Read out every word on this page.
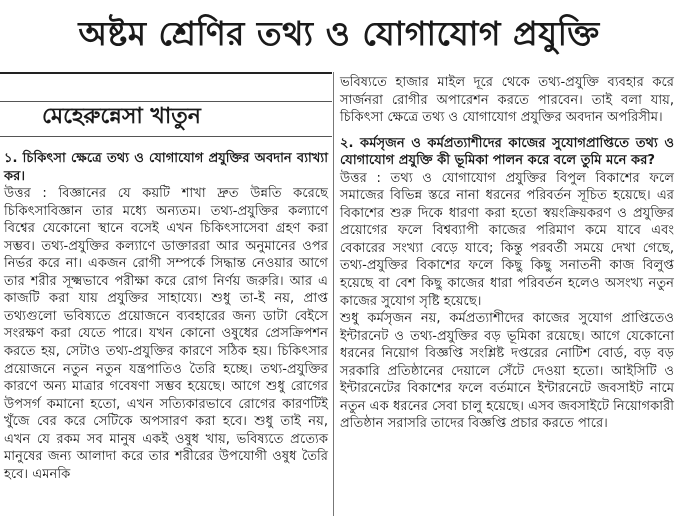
অষ্টম শ্রেণির তথ্য ও যোগাযোগ প্রযুক্তি
মেহেরুন্নেসা খাতুন

১. চিকিৎসা ক্ষেত্রে তথ্য ও যোগাযোগ প্রযুক্তির অবদান ব্যাখ্যা কর।

উত্তর : বিজ্ঞানের যে কয়টি শাখা দ্রুত উন্নতি করেছে চিকিৎসাবিজ্ঞান তার মধ্যে অন্যতম। তথ্য-প্রযুক্তির কল্যাণে বিশ্বের যেকোনো স্থানে বসেই এখন চিকিৎসাসেবা গ্রহণ করা সম্ভব। তথ্য-প্রযুক্তির কল্যাণে ডাক্তাররা আর অনুমানের ওপর নির্ভর করে না। একজন রোগী সম্পর্কে সিদ্ধান্ত নেওয়ার আগে তার শরীর সূক্ষ্মভাবে পরীক্ষা করে রোগ নির্ণয় জরুরি। আর এ কাজটি করা যায় প্রযুক্তির সাহায্যে। শুধু তা-ই নয়, প্রাপ্ত তথ্যগুলো ভবিষ্যতে প্রয়োজনে ব্যবহারের জন্য ডাটা বেইসে সংরক্ষণ করা যেতে পারে। যখন কোনো ওষুধের প্রেসক্রিপশন করতে হয়, সেটাও তথ্য-প্রযুক্তির কারণে সঠিক হয়। চিকিৎসার প্রয়োজনে নতুন নতুন যন্ত্রপাতিও তৈরি হচ্ছে। তথ্য-প্রযুক্তির কারণে অন্য মাত্রার গবেষণা সম্ভব হয়েছে। আগে শুধু রোগের উপসর্গ কমানো হতো, এখন সত্যিকারভাবে রোগের কারণটিই খুঁজে বের করে সেটিকে অপসারণ করা হবে। শুধু তাই নয়, এখন যে রকম সব মানুষ একই ওষুধ খায়, ভবিষ্যতে প্রত্যেক মানুষের জন্য আলাদা করে তার শরীরের উপযোগী ওষুধ তৈরি হবে। এমনকি

ভবিষ্যতে হাজার মাইল দূরে থেকে তথ্য-প্রযুক্তি ব্যবহার করে সার্জনরা রোগীর অপারেশন করতে পারবেন। তাই বলা যায়, চিকিৎসা ক্ষেত্রে তথ্য ও যোগাযোগ প্রযুক্তির অবদান অপরিসীম।

২. কর্মসৃজন ও কর্মপ্রত্যাশীদের কাজের সুযোগপ্রাপ্তিতে তথ্য ও যোগাযোগ প্রযুক্তি কী ভূমিকা পালন করে বলে তুমি মনে কর?

উত্তর : তথ্য ও যোগাযোগ প্রযুক্তির বিপুল বিকাশের ফলে সমাজের বিভিন্ন স্তরে নানা ধরনের পরিবর্তন সূচিত হয়েছে। এর বিকাশের শুরু দিকে ধারণা করা হতো স্বয়ংক্রিয়করণ ও প্রযুক্তির প্রয়োগের ফলে বিশ্বব্যাপী কাজের পরিমাণ কমে যাবে এবং বেকারের সংখ্যা বেড়ে যাবে; কিন্তু পরবর্তী সময়ে দেখা গেছে, তথ্য-প্রযুক্তির বিকাশের ফলে কিছু কিছু সনাতনী কাজ বিলুপ্ত হয়েছে বা বেশ কিছু কাজের ধারা পরিবর্তন হলেও অসংখ্য নতুন কাজের সুযোগ সৃষ্টি হয়েছে।

শুধু কর্মসৃজন নয়, কর্মপ্রত্যাশীদের কাজের সুযোগ প্রাপ্তিতেও ইন্টারনেট ও তথ্য-প্রযুক্তির বড় ভূমিকা রয়েছে। আগে যেকোনো ধরনের নিয়োগ বিজ্ঞপ্তি সংশ্লিষ্ট দপ্তরের নোটিশ বোর্ড, বড় বড় সরকারি প্রতিষ্ঠানের দেয়ালে সেঁটে দেওয়া হতো। আইসিটি ও ইন্টারনেটের বিকাশের ফলে বর্তমানে ইন্টারনেটে জবসাইট নামে নতুন এক ধরনের সেবা চালু হয়েছে। এসব জবসাইটে নিয়োগকারী প্রতিষ্ঠান সরাসরি তাদের বিজ্ঞপ্তি প্রচার করতে পারে।
